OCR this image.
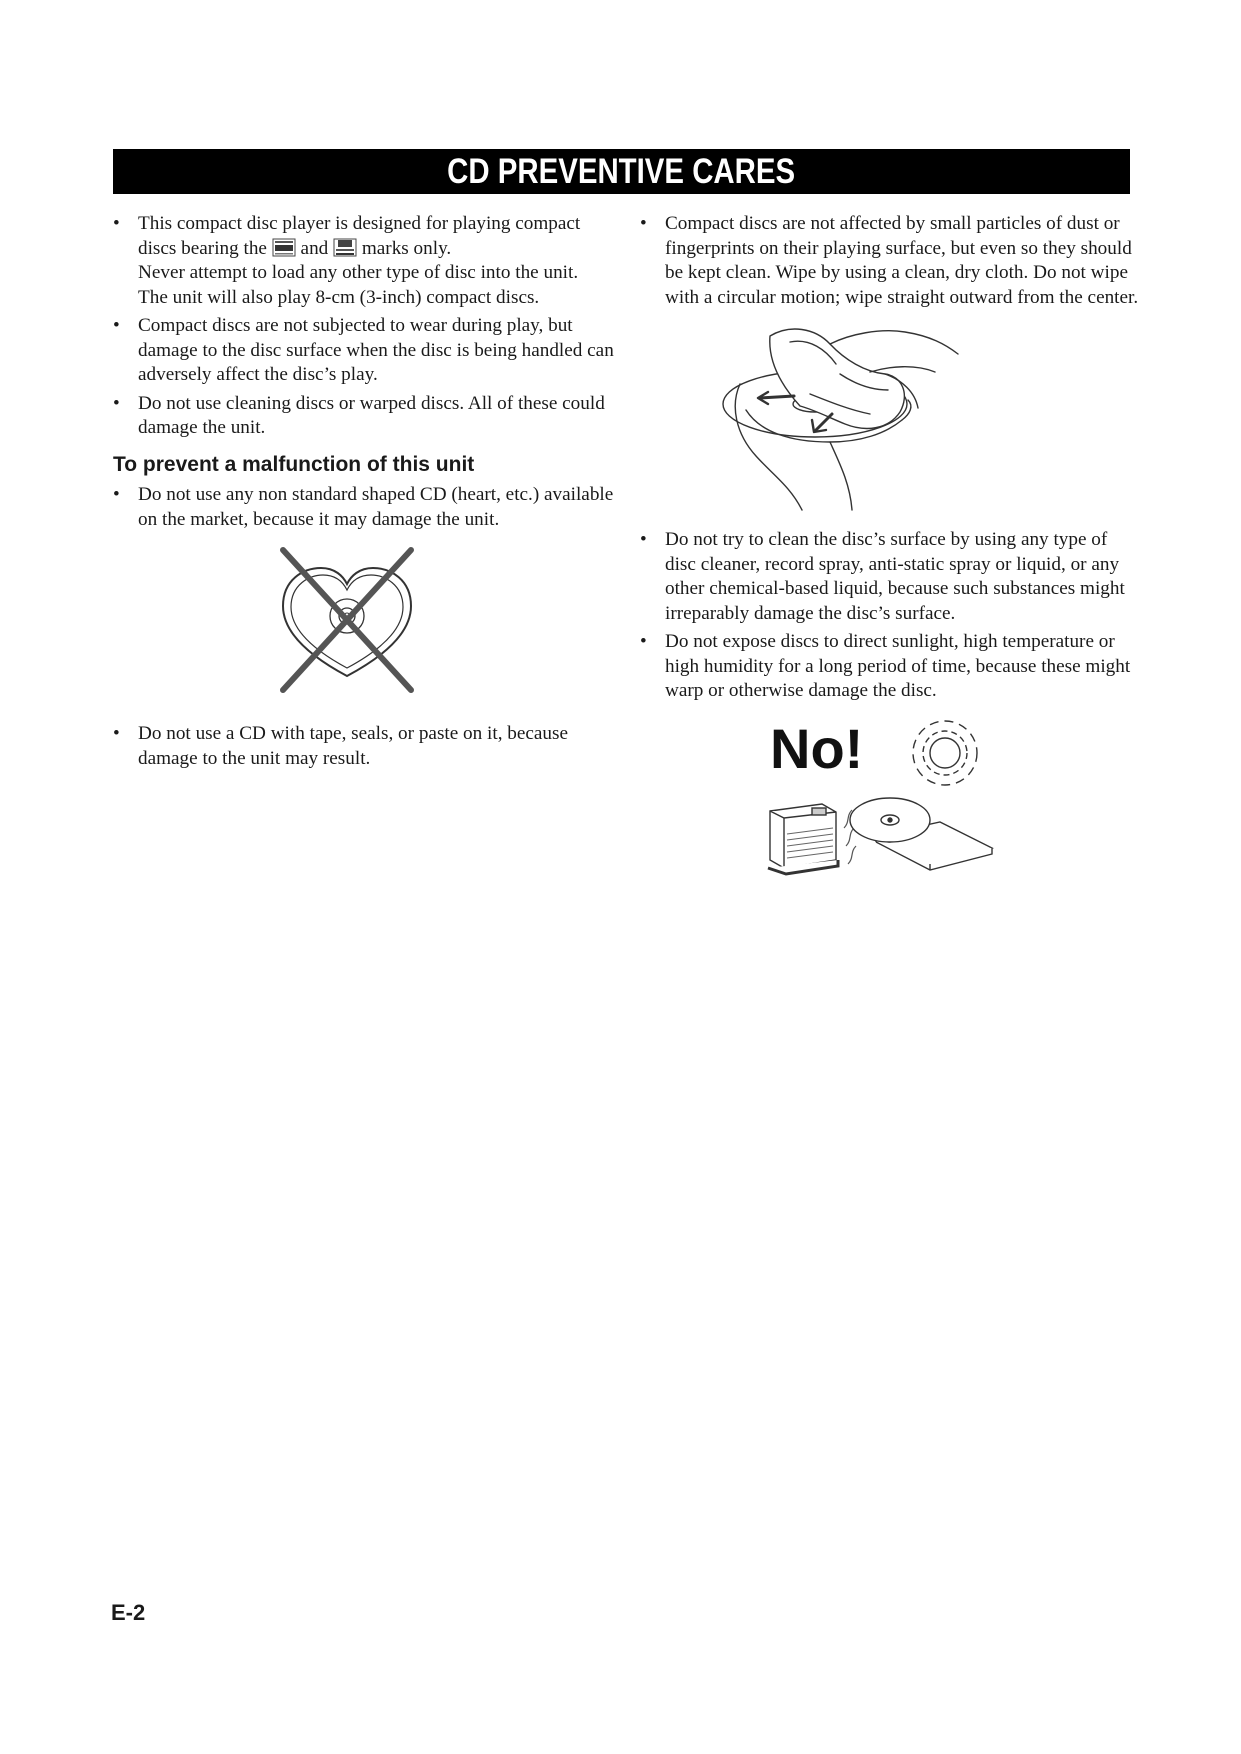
CD PREVENTIVE CARES
• This compact disc player is designed for playing compact discs bearing the and marks only.
Never attempt to load any other type of disc into the unit.
The unit will also play 8-cm (3-inch) compact discs.

• Compact discs are not subjected to wear during play, but damage to the disc surface when the disc is being handled can adversely affect the disc’s play.

• Do not use cleaning discs or warped discs. All of these could damage the unit.

To prevent a malfunction of this unit
• Do not use any non standard shaped CD (heart, etc.) available on the market, because it may damage the unit.

• Do not use a CD with tape, seals, or paste on it, because damage to the unit may result.

• Compact discs are not affected by small particles of dust or fingerprints on their playing surface, but even so they should be kept clean. Wipe by using a clean, dry cloth. Do not wipe with a circular motion; wipe straight outward from the center.

• Do not try to clean the disc’s surface by using any type of disc cleaner, record spray, anti-static spray or liquid, or any other chemical-based liquid, because such substances might irreparably damage the disc’s surface.

• Do not expose discs to direct sunlight, high temperature or high humidity for a long period of time, because these might warp or otherwise damage the disc.

No!
E-2
